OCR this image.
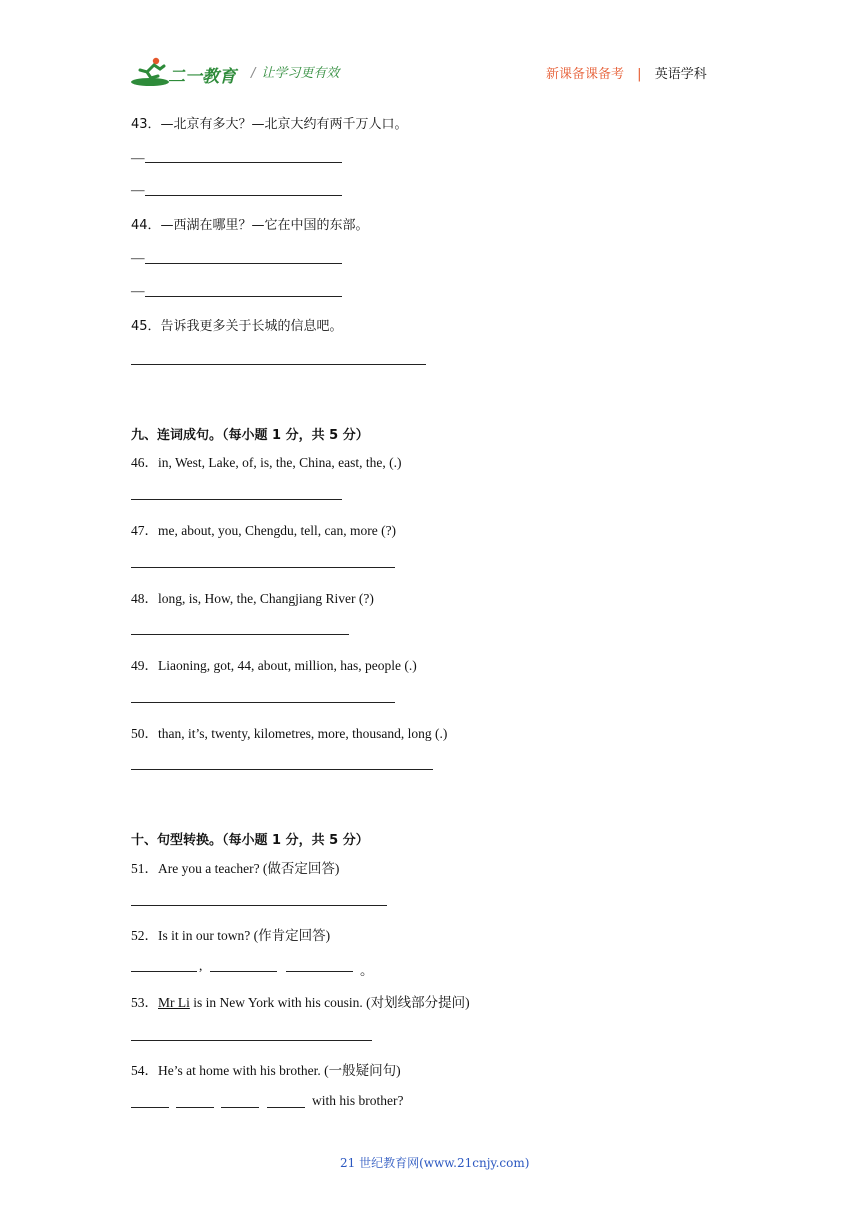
二一教育 / 让学习更有效	新课备课备考 | 英语学科
43．—北京有多大？—北京大约有两千万人口。
—
—
44．—西湖在哪里？—它在中国的东部。
—
—
45．告诉我更多关于长城的信息吧。
九、连词成句。（每小题 1 分，共 5 分）
46．in, West, Lake, of, is, the, China, east, the, (.)
47．me, about, you, Chengdu, tell, can, more (?)
48．long, is, How, the, Changjiang River (?)
49．Liaoning, got, 44, about, million, has, people (.)
50．than, it’s, twenty, kilometres, more, thousand, long (.)
十、句型转换。（每小题 1 分，共 5 分）
51．Are you a teacher? (做否定回答)
52．Is it in our town? (作肯定回答)
,	。
53．Mr Li is in New York with his cousin. (对划线部分提问)
54．He’s at home with his brother. (一般疑问句)
with his brother?
21 世纪教育网(www.21cnjy.com)
